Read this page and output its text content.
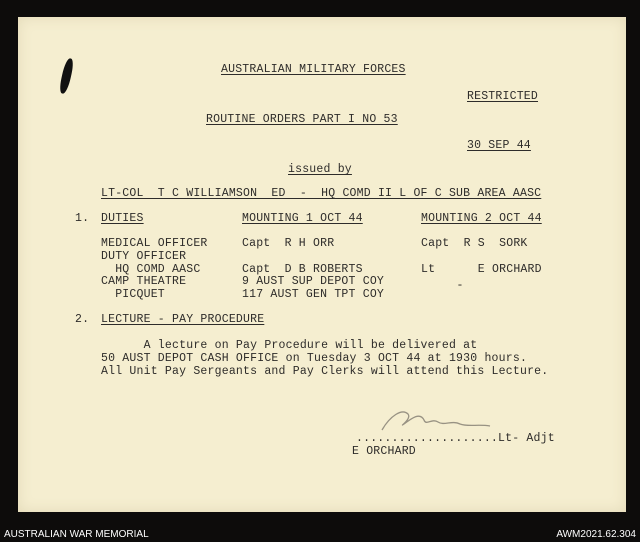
AUSTRALIAN MILITARY FORCES
RESTRICTED
ROUTINE ORDERS PART I NO 53
30 SEP 44
issued by
LT-COL  T C WILLIAMSON  ED  -  HQ COMD II L OF C SUB AREA AASC
1. DUTIES	MOUNTING 1 OCT 44	MOUNTING 2 OCT 44
MEDICAL OFFICER	Capt  R H ORR	Capt  R S  SORK
DUTY OFFICER
HQ COMD AASC	Capt  D B ROBERTS	Lt      E ORCHARD
CAMP THEATRE	9 AUST SUP DEPOT COY	-
PICQUET	117 AUST GEN TPT COY
2. LECTURE - PAY PROCEDURE
A lecture on Pay Procedure will be delivered at
50 AUST DEPOT CASH OFFICE on Tuesday 3 OCT 44 at 1930 hours.
All Unit Pay Sergeants and Pay Clerks will attend this Lecture.
....................Lt- Adjt
E ORCHARD
AUSTRALIAN WAR MEMORIAL	AWM2021.62.304
